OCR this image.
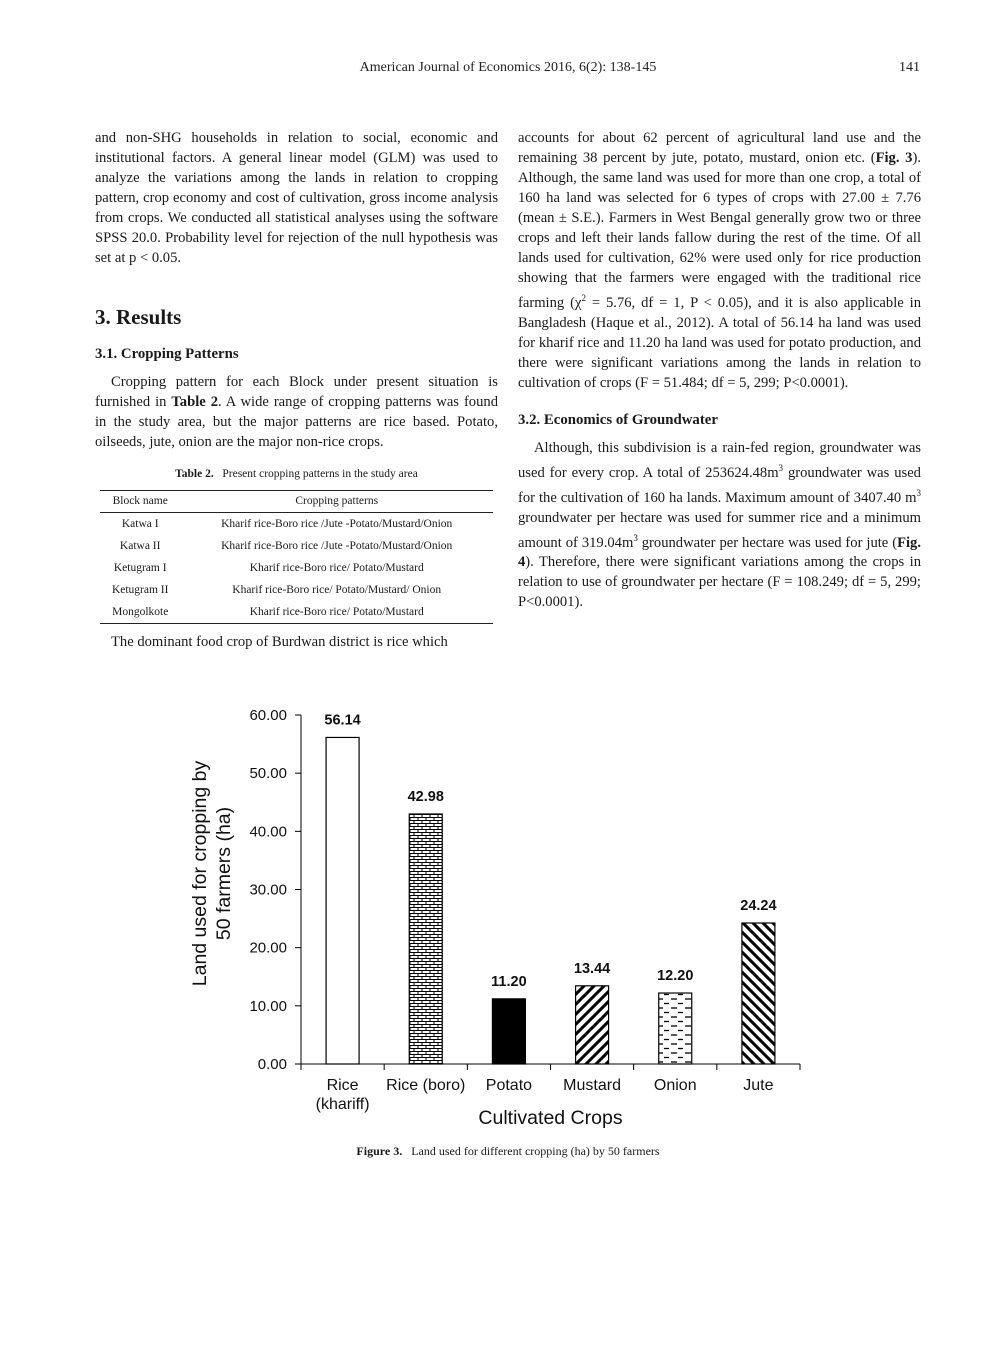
American Journal of Economics 2016, 6(2): 138-145	141

and non-SHG households in relation to social, economic and institutional factors. A general linear model (GLM) was used to analyze the variations among the lands in relation to cropping pattern, crop economy and cost of cultivation, gross income analysis from crops. We conducted all statistical analyses using the software SPSS 20.0. Probability level for rejection of the null hypothesis was set at p < 0.05.

3. Results
3.1. Cropping Patterns

Cropping pattern for each Block under present situation is furnished in Table 2. A wide range of cropping patterns was found in the study area, but the major patterns are rice based. Potato, oilseeds, jute, onion are the major non-rice crops.

Table 2. Present cropping patterns in the study area
Block name	Cropping patterns
Katwa I	Kharif rice-Boro rice /Jute -Potato/Mustard/Onion
Katwa II	Kharif rice-Boro rice /Jute -Potato/Mustard/Onion
Ketugram I	Kharif rice-Boro rice/ Potato/Mustard
Ketugram II	Kharif rice-Boro rice/ Potato/Mustard/ Onion
Mongolkote	Kharif rice-Boro rice/ Potato/Mustard

The dominant food crop of Burdwan district is rice which

accounts for about 62 percent of agricultural land use and the remaining 38 percent by jute, potato, mustard, onion etc. (Fig. 3). Although, the same land was used for more than one crop, a total of 160 ha land was selected for 6 types of crops with 27.00 ± 7.76 (mean ± S.E.). Farmers in West Bengal generally grow two or three crops and left their lands fallow during the rest of the time. Of all lands used for cultivation, 62% were used only for rice production showing that the farmers were engaged with the traditional rice farming ($\chi^2 = 5.76$, df = 1, P < 0.05), and it is also applicable in Bangladesh (Haque et al., 2012). A total of 56.14 ha land was used for kharif rice and 11.20 ha land was used for potato production, and there were significant variations among the lands in relation to cultivation of crops (F = 51.484; df = 5, 299; P<0.0001).

3.2. Economics of Groundwater

Although, this subdivision is a rain-fed region, groundwater was used for every crop. A total of $253624.48m^3$ groundwater was used for the cultivation of 160 ha lands. Maximum amount of 3407.40 $m^3$ groundwater per hectare was used for summer rice and a minimum amount of $319.04m^3$ groundwater per hectare was used for jute (Fig. 4). Therefore, there were significant variations among the crops in relation to use of groundwater per hectare (F = 108.249; df = 5, 299; P<0.0001).

0.00
10.00
20.00
30.00
40.00
50.00
60.00	56.14
Rice
(khariff)
42.98
Rice (boro)
11.20
Potato
13.44
Mustard
12.20
Onion
24.24
Jute
Cultivated Crops
Land used for cropping by 50 farmers (ha)
Figure 3. Land used for different cropping (ha) by 50 farmers
